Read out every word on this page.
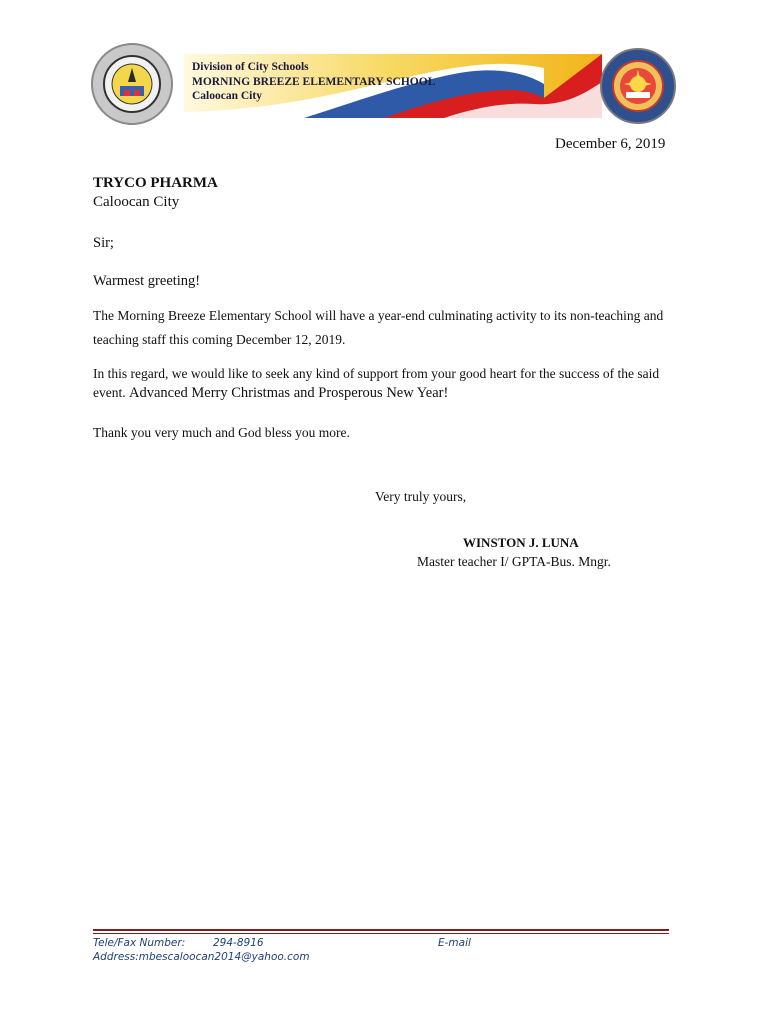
Division of City Schools
MORNING BREEZE ELEMENTARY SCHOOL
Caloocan City
December 6, 2019
TRYCO PHARMA
Caloocan City
Sir;
Warmest greeting!
The Morning Breeze Elementary School will have a year-end culminating activity to its non-teaching and teaching staff this coming December 12, 2019.
In this regard, we would like to seek any kind of support from your good heart for the success of the said event. Advanced Merry Christmas and Prosperous New Year!
Thank you very much and God bless you more.
Very truly yours,
WINSTON J. LUNA
Master teacher I/ GPTA-Bus. Mngr.
Tele/Fax Number:	294-8916	E-mail
Address:mbescaloocan2014@yahoo.com
